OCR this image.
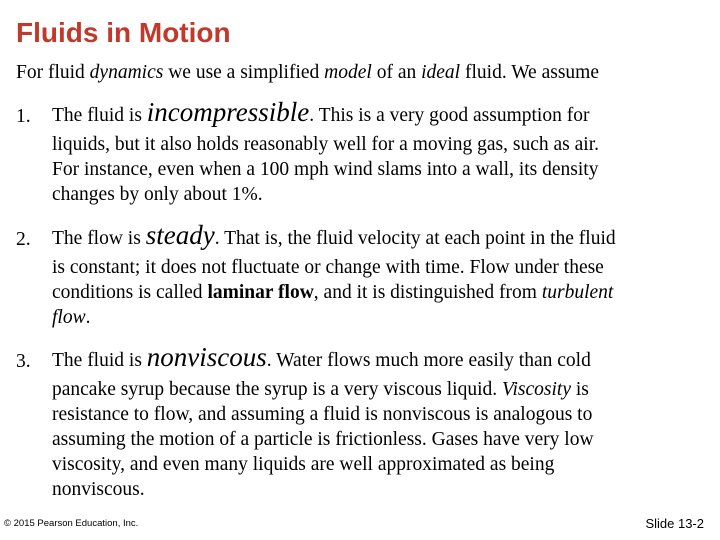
Fluids in Motion
For fluid dynamics we use a simplified model of an ideal fluid. We assume
1. The fluid is incompressible. This is a very good assumption for
liquids, but it also holds reasonably well for a moving gas, such as air.
For instance, even when a 100 mph wind slams into a wall, its density
changes by only about 1%.
2. The flow is steady. That is, the fluid velocity at each point in the fluid
is constant; it does not fluctuate or change with time. Flow under these
conditions is called laminar flow, and it is distinguished from turbulent
flow.
3. The fluid is nonviscous. Water flows much more easily than cold
pancake syrup because the syrup is a very viscous liquid. Viscosity is
resistance to flow, and assuming a fluid is nonviscous is analogous to
assuming the motion of a particle is frictionless. Gases have very low
viscosity, and even many liquids are well approximated as being
nonviscous.
© 2015 Pearson Education, Inc.	Slide 13-2
